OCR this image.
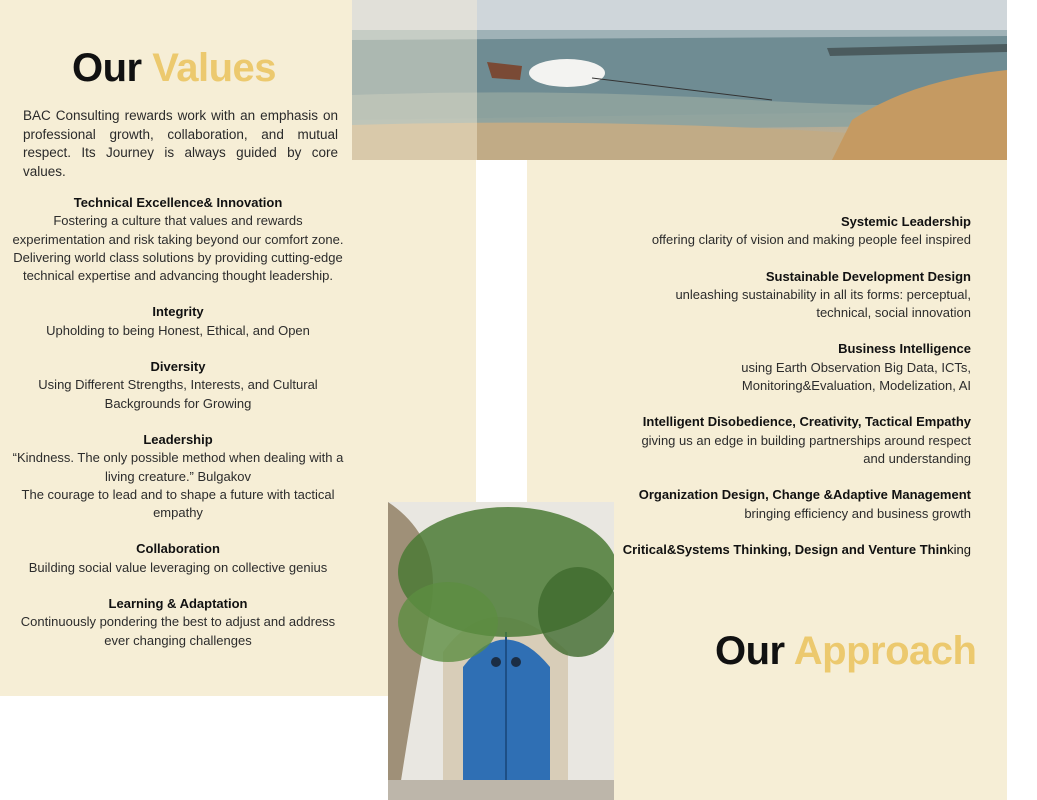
Our Values

BAC Consulting rewards work with an emphasis on professional growth, collaboration, and mutual respect. Its Journey is always guided by core values.

Technical Excellence& Innovation
Fostering a culture that values and rewards
experimentation and risk taking beyond our comfort zone.
Delivering world class solutions by providing cutting-edge
technical expertise and advancing thought leadership.
Integrity
Upholding to being Honest, Ethical, and Open
Diversity
Using Different Strengths, Interests, and Cultural
Backgrounds for Growing
Leadership
“Kindness. The only possible method when dealing with a
living creature.” Bulgakov
The courage to lead and to shape a future with tactical
empathy
Collaboration
Building social value leveraging on collective genius
Learning & Adaptation
Continuously pondering the best to adjust and address
ever changing challenges
Systemic Leadership
offering clarity of vision and making people feel inspired
Sustainable Development Design
unleashing sustainability in all its forms: perceptual,
technical, social innovation
Business Intelligence
using Earth Observation Big Data, ICTs,
Monitoring&Evaluation, Modelization, AI
Intelligent Disobedience, Creativity, Tactical Empathy
giving us an edge in building partnerships around respect
and understanding
Organization Design, Change &Adaptive Management
bringing efficiency and business growth
Critical&Systems Thinking, Design and Venture Thinking
Our Approach
